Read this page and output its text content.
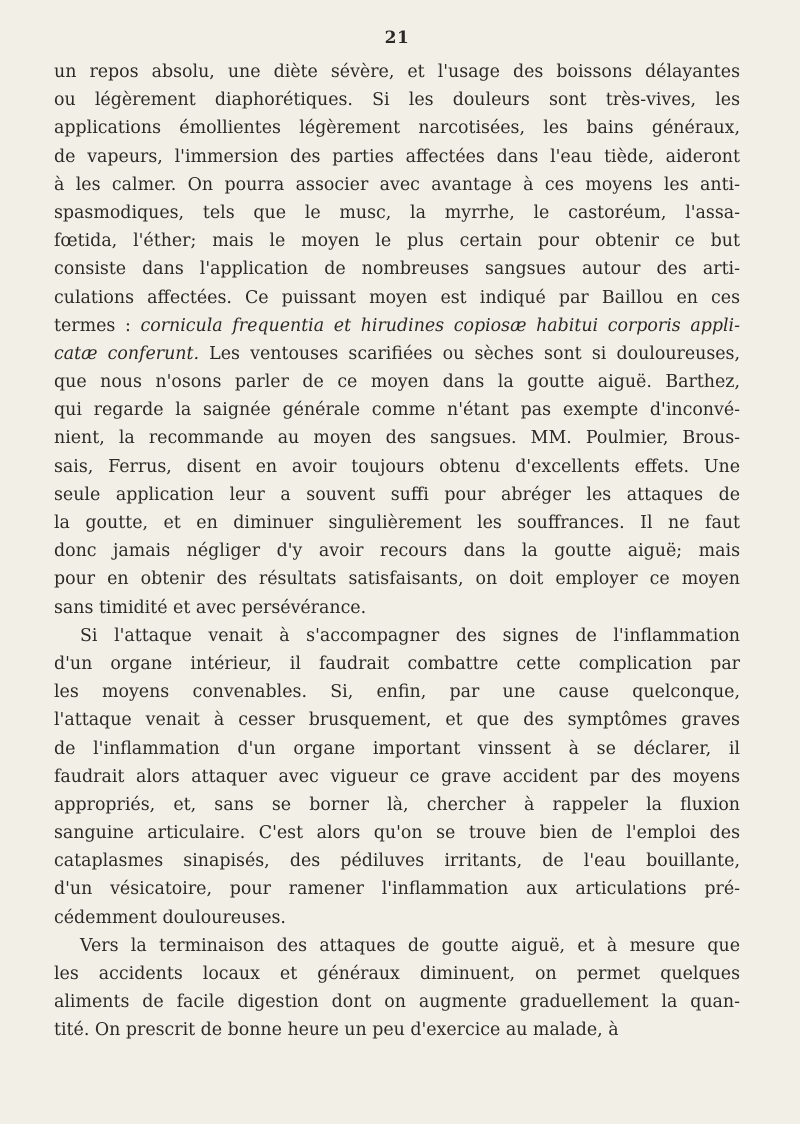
21
un repos absolu, une diète sévère, et l'usage des boissons délayantes
ou légèrement diaphorétiques. Si les douleurs sont très-vives, les
applications émollientes légèrement narcotisées, les bains généraux,
de vapeurs, l'immersion des parties affectées dans l'eau tiède, aideront
à les calmer. On pourra associer avec avantage à ces moyens les anti-
spasmodiques, tels que le musc, la myrrhe, le castoréum, l'assa-
fœtida, l'éther; mais le moyen le plus certain pour obtenir ce but
consiste dans l'application de nombreuses sangsues autour des arti-
culations affectées. Ce puissant moyen est indiqué par Baillou en ces
termes : cornicula frequentia et hirudines copiosæ habitui corporis appli-
catæ conferunt. Les ventouses scarifiées ou sèches sont si douloureuses,
que nous n'osons parler de ce moyen dans la goutte aiguë. Barthez,
qui regarde la saignée générale comme n'étant pas exempte d'inconvé-
nient, la recommande au moyen des sangsues. MM. Poulmier, Brous-
sais, Ferrus, disent en avoir toujours obtenu d'excellents effets. Une
seule application leur a souvent suffi pour abréger les attaques de
la goutte, et en diminuer singulièrement les souffrances. Il ne faut
donc jamais négliger d'y avoir recours dans la goutte aiguë; mais
pour en obtenir des résultats satisfaisants, on doit employer ce moyen
sans timidité et avec persévérance.
Si l'attaque venait à s'accompagner des signes de l'inflammation
d'un organe intérieur, il faudrait combattre cette complication par
les moyens convenables. Si, enfin, par une cause quelconque,
l'attaque venait à cesser brusquement, et que des symptômes graves
de l'inflammation d'un organe important vinssent à se déclarer, il
faudrait alors attaquer avec vigueur ce grave accident par des moyens
appropriés, et, sans se borner là, chercher à rappeler la fluxion
sanguine articulaire. C'est alors qu'on se trouve bien de l'emploi des
cataplasmes sinapisés, des pédiluves irritants, de l'eau bouillante,
d'un vésicatoire, pour ramener l'inflammation aux articulations pré-
cédemment douloureuses.
Vers la terminaison des attaques de goutte aiguë, et à mesure que
les accidents locaux et généraux diminuent, on permet quelques
aliments de facile digestion dont on augmente graduellement la quan-
tité. On prescrit de bonne heure un peu d'exercice au malade, à
